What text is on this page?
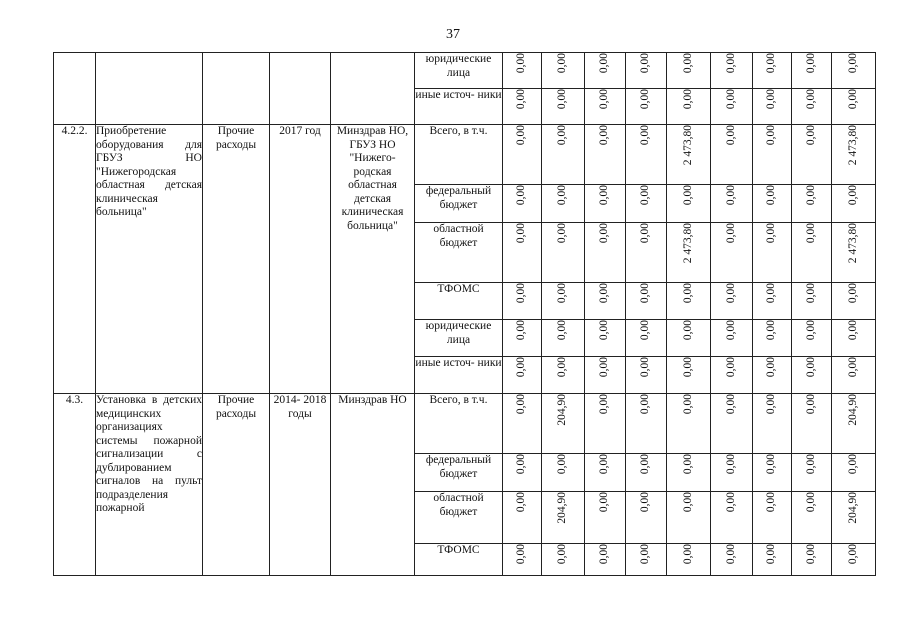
37
					юридические лица	0,00	0,00	0,00	0,00	0,00	0,00	0,00	0,00	0,00
					иные источ- ники	0,00	0,00	0,00	0,00	0,00	0,00	0,00	0,00	0,00
4.2.2.	Приобретение оборудования для ГБУЗ НО "Нижегородская областная детская клиническая больница"	Прочие расходы	2017 год	Минздрав НО, ГБУЗ НО "Нижего- родская областная детская клиническая больница"	Всего, в т.ч.	0,00	0,00	0,00	0,00	2 473,80	0,00	0,00	0,00	2 473,80
					федеральный бюджет	0,00	0,00	0,00	0,00	0,00	0,00	0,00	0,00	0,00
					областной бюджет	0,00	0,00	0,00	0,00	2 473,80	0,00	0,00	0,00	2 473,80
					ТФОМС	0,00	0,00	0,00	0,00	0,00	0,00	0,00	0,00	0,00
					юридические лица	0,00	0,00	0,00	0,00	0,00	0,00	0,00	0,00	0,00
					иные источ- ники	0,00	0,00	0,00	0,00	0,00	0,00	0,00	0,00	0,00
4.3.	Установка в детских медицинских организациях системы пожарной сигнализации с дублированием сигналов на пульт подразделения пожарной	Прочие расходы	2014- 2018 годы	Минздрав НО	Всего, в т.ч.	0,00	204,90	0,00	0,00	0,00	0,00	0,00	0,00	204,90
					федеральный бюджет	0,00	0,00	0,00	0,00	0,00	0,00	0,00	0,00	0,00
					областной бюджет	0,00	204,90	0,00	0,00	0,00	0,00	0,00	0,00	204,90
					ТФОМС	0,00	0,00	0,00	0,00	0,00	0,00	0,00	0,00	0,00
